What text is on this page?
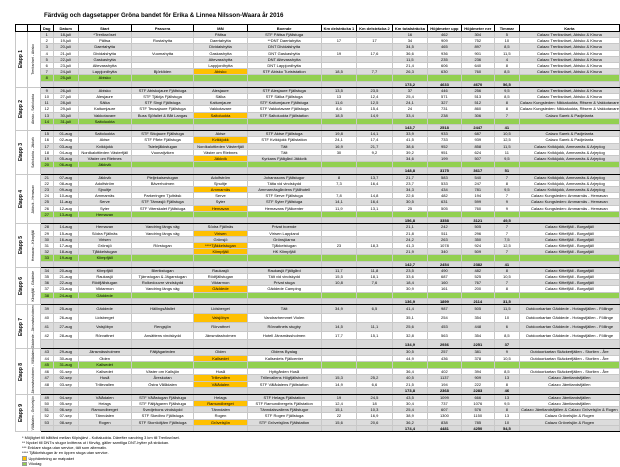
Färdväg och dagsetapper Gröna bandet för Erika & Linnea Nilsson-Waara år 2016
		Dag	Datum	Start	Passera	Mål	Boende	Km delsträcka 1	Km delsträcka 2	Km totalsträcka	Höjdmeter upp	Höjdmeter ner	Timmar	Karta

Etapp 1	Treriksröset - Abisko	1	18-juli	*Treriksröset		Pältsa	STF Pältsa Fjällstuga			16	462	304	5	Calazo Treriksröset, Abisko & Kiruna
		2	19-juli	Pältsa	Rostahytta	Daertahytta	**DNT Daertahytta	17	17	34	909	752	10	Calazo Treriksröset, Abisko & Kiruna
		3	20-juli	Daertahytta		Dividalshytta	DNT Dividalshytta			34,5	465	897	8,5	Calazo Treriksröset, Abisko & Kiruna
		4	21-juli	Dividalshytta	Vuomahytta	Gaskashytta	DNT Gaskashytta	19	17,6	36,6	936	901	11,5	Calazo Treriksröset, Abisko & Kiruna
		5	22-juli	Gaskashytta		Altevasshytta	DNT Altevasshytta			11,5	235	236	4	Calazo Treriksröset, Abisko & Kiruna
		6	23-juli	Altevasshytta		Lappjordhytta	DNT Lappjordhytta			21,4	606	640	8	Calazo Treriksröset, Abisko & Kiruna
		7	24-juli	Lappjordhytta	Björkliden	Abisko	STF Abisko Turiststation	18,5	7,7	26,3	630	760	8,5	Calazo Treriksröset, Abisko & Kiruna
		8	25-juli	Abisko										
										173,2	4633	4670	56,5	

Etapp 2	Abisko - Saltoluokta	9	26-juli	Abisko	STF Abiskojaure Fjällstuga	Alesjaure	STF Alesjaure Fjällstuga	13,5	23,5	37	446	256	9,5	Calazo Treriksröset, Abisko & Kiruna
		10	27-juli	Alesjaure	STF Tjäktja Fjällstuga	Sälka	STF Sälka Fjällstuga	13	12,4	25,4	571	513	8,5	Calazo Treriksröset, Abisko & Kiruna
		11	28-juli	Sälka	STF Singi Fjällstuga	Kaitumjaure	STF Kaitumjaure Fjällstuga	11,6	12,5	24,1	327	512	8	Calazo Kungsleden: Nikkaluokta, Ritsem & Vakkotavare
		12	29-juli	Kaitumjaure	STF Teusajaure Fjällstuga	Vakkotavare	STF Vakkotavare Fjällstuga	8,6	15,4	24	731	860	8	Calazo Kungsleden: Nikkaluokta, Ritsem & Vakkotavare
		13	30-juli	Vakkotavare	Buss Sjöfallet & Båt Langas	Saltoluokta	STF Saltoluokta Fjällstation	18,5	14,9	33,4	238	306	7	Calazo Sarek & Padjelanta
		14	31-juli	Saltoluokta										
										143,7	2518	2447	41	

Etapp 3	Saltoluokta - Jäkkvik	15	01-aug	Saltoluokta	STF Sitojaure Fjällstuga	Aktse	STF Aktse Fjällstuga	19,8	14,1	33,9	933	687	10,5	Calazo Sarek & Padjelanta
		16	02-aug	Aktse	STF Pårte Fjällstuga	Kvikkjokk	STF Kvikkjokk Fjällstation	24,1	17,4	41,5	733	939	12,5	Calazo Sarek & Padjelanta
		17	03-aug	Kvikkjokk	Tsielejåkkstugan	Nordkalottleden Västerfjäll	Tält	16,9	21,7	38,6	952	858	11,5	Calazo Kvikkjokk, Ammarnäs & Arjeplog
		18	04-aug	Nordkalottleden Västerfjäll	Vuonatjviken	Väster om Riebnes	Tält	30	9,2	39,2	951	624	11	Calazo Kvikkjokk, Ammarnäs & Arjeplog
		19	05-aug	Väster om Riebnes		Jäkkvik	Kyrkans Fjällgård Jäkkvik			34,6	199	507	9,5	Calazo Kvikkjokk, Ammarnäs & Arjeplog
		20	06-aug	Jäkkvik										
										148,8	3175	3617	51	

Etapp 4	Jäkkvik - Hemavan	21	07-aug	Jäkkvik	Pieljekaisestugan	Adolfström	Johanssons Fjällstugor	8	13,7	21,7	583	540	7	Calazo Kvikkjokk, Ammarnäs & Arjeplog
		22	08-aug	Adolfström	Bäverholmen	Sjnultje	Tälta vid vindskydd	7,3	16,4	23,7	533	247	8	Calazo Kvikkjokk, Ammarnäs & Arjeplog
		23	09-aug	Sjnultje		Ammarnäs	Ammarnäsgårdens Fjällhotell			34,3	434	781	9,5	Calazo Kvikkjokk, Ammarnäs & Arjeplog
		24	10-aug	Ammarnäs	Parkeringen Tjulträsk	Serve	STF Serve Fjällstuga	7,8	14,8	22,6	482	194	7	Calazo Kungsleden: Ammarnäs - Hemavan
		25	11-aug	Serve	STF Tärnasjö Fjällstuga	Syter	STF Syter Fjällstuga	14,1	16,4	30,5	631	599	9	Calazo Kungsleden: Ammarnäs - Hemavan
		26	12-aug	Syter	STF Viterskalet Fjällstuga	Hemavan	Hemavans Fjällcenter	11,9	13,1	25	505	760	9	Calazo Kungsleden: Ammarnäs - Hemavan
		27	13-aug	Hemavan										
										156,8	3358	3121	49,5	

Etapp 5	Hemavan - Klimpfjäll	28	14-aug	Hemavan	Vandring längs väg	Södra Fjällnäs	Privat boende			21,1	242	505	7	Calazo Kittelfjäll - Borgafjäll
		29	15-aug	Södra Fjällnäs	Vandring längs väg	Virisen	Virisen Lappland			21,8	511	296	7	Calazo Kittelfjäll - Borgafjäll
		30	16-aug	Virisen		Grönsjö	Grönsjöarna			24,2	263	350	7,5	Calazo Kittelfjäll - Borgafjäll
		31	17-aug	Grönsjö	Rörstugan	****Tjåkkelstugan	Tjåkkelstugan	23	18,3	41,3	1078	924	12,5	Calazo Kittelfjäll - Borgafjäll
		32	18-aug	Tjåkkelstugan		Klimpfjäll	HK Klimpfjäll			21,9	340	509	7	Calazo Kittelfjäll - Borgafjäll
		33	19-aug	Klimpfjäll										
										142,7	2454	2382	41	

Etapp 6	Klimpfjäll - Gäddede	34	20-aug	Klimpfjäll	Blerikstugan	Raukasjö	Raukasjö Fjällgård	11,7	11,8	23,5	490	482	8	Calazo Kittelfjäll - Borgafjäll
		35	21-aug	Raukasjö	Tjärnstugan & Jägarstugan	Rödfjällstugan	Tält vid vindskydd	15,5	18,1	33,6	687	525	10,5	Calazo Kittelfjäll - Borgafjäll
		36	22-aug	Rödfjällstugan	Rolkedouvre vindskydd	Viktarmon	Privat stuga	10,8	7,6	18,4	160	767	7	Calazo Kittelfjäll - Borgafjäll
		37	23-aug	Viktarmon	Vandring längs väg	Gäddede	Gäddede Camping			30,9	161	200	8	Calazo Kittelfjäll - Borgafjäll
		38	24-aug	Gäddede										
										136,9	1899	2114	31,5	

Etapp 7	Gäddede - Jänsmässholmen	39	25-aug	Gäddede	Hällingsåfallet	Lidsberget	Tält	34,9	6,5	41,4	987	505	11,5	Outdoorkartan Gäddede - Hotagsfjällen - Föllinge
		40	26-aug	Lidsberget		Valsjöbyn	Vandrarhemmet Violen			35,1	254	354	10	Outdoorkartan Gäddede - Hotagsfjällen - Föllinge
		41	27-aug	Valsjöbyn	Rengsjön	Rörvattnet	Rörvattnets stugby	14,5	11,1	25,6	453	448	6	Outdoorkartan Gäddede - Hotagsfjällen - Föllinge
		42	28-aug	Rörvattnet	Ansättens vindskydd	Jänsmässholmen	Hotell Jänsmässholmen	17,7	15,1	32,8	563	354	8,5	Outdoorkartan Gäddede - Hotagsfjällen - Föllinge
										134,9	2936	2251	37	

Etapp 8	Jänsmässholmen - Vålådalen	43	29-aug	Jänsmässholmen	Fältjägarleden	Olden	Oldens Byalag			30,5	257	381	9	Outdoorkartan Skäckerfjällen - Storlien - Åre
		44	30-aug	Olden		Kallsedet	Kallsedets Fjällcenter			44,9	436	378	10,5	Outdoorkartan Skäckerfjällen - Storlien - Åre
		45	31-aug	Kallsedet										
		46	01-sep	Kallsedet	Väster om Kallsjön	Huså	Hyttgården Huså			36,4	402	394	8,5	Outdoorkartan Skäckerfjällen - Storlien - Åre
		47	02-sep	Huså	Åreskutan	Trillevallen	Trillevallens Högfjällshotell	15,3	25,2	40,5	1137	909	13	Calazo Jämtlandsfjällen
		48	03-sep	Trillevallen	Östra Vålådalen	Vålådalen	STF Vålådalens Fjällstation	14,9	6,6	21,5	194	222	8	Calazo Jämtlandsfjällen
										173,8	2368	2283	46	

Etapp 9	Vålådalen - Grövelsjön	49	04-sep	Vålådalen	STF Vålåstugan Fjällstuga	Helags	STF Helags Fjällstation	19	24,5	43,5	1099	666	13	Calazo Jämtlandsfjällen
		50	05-sep	Helags	STF Fältjägaren Fjällstuga	Ramundberget	STF Ramundbergets Fjällstation	12,4	18	30,4	737	1076	9,5	Calazo Jämtlandsfjällen
		51	06-sep	Ramundberget	Svedjebons vindskydd	Tänndalen	Tänndalsvallens Fjällstugor	15,1	10,3	25,4	607	576	8	Calazo Jämtlandsfjällen & Calazo Grövelsjön & Rogen
		52	07-sep	Tänndalen	STF Skedbro Fjällstuga	Rogen	STF Rogen Fjällstuga	22	16,9	38,9	1300	1150	13	Calazo Grövelsjön & Rogen
		53	08-sep	Rogen	STF Storrödtjärn Fjällstuga	Grövelsjön	STF Grövelsjöns Fjällstation	15,6	20,6	36,2	838	785	10	Calazo Grövelsjön & Rogen
										174,4	4481	4250	54,5	
* Möjlighet till båtfärd mellan Kilpisjärvi - Koltaluokta. Därefter vandring 3 km till Treriksröset.
** Nyckel till DNT:s stugor kvitteras ut i förväg, gäller samtliga DNT-hytter på sträckan.
*** Enklare stuga utan service, tält som alternativ.
**** Tjåkkelstugan är en öppen stuga utan service.
Upphämtning av matpaket
Vilodag
